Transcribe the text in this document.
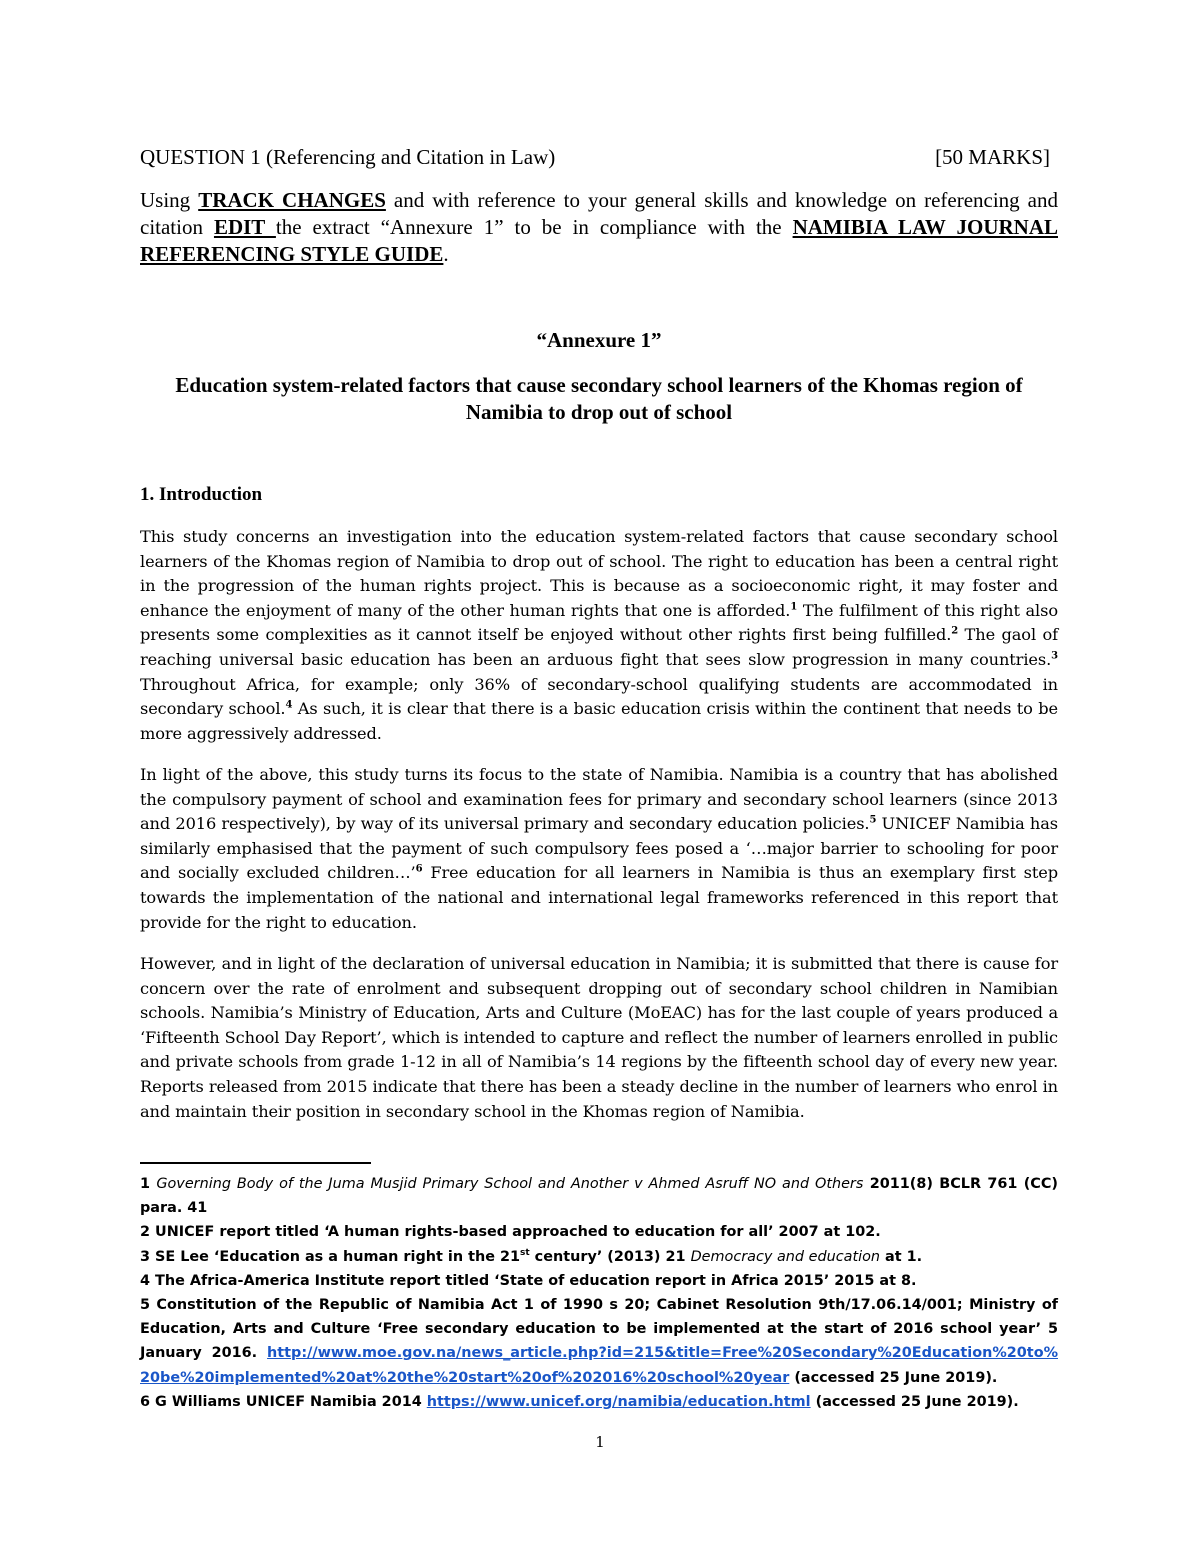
QUESTION 1 (Referencing and Citation in Law)	[50 MARKS]
Using TRACK CHANGES and with reference to your general skills and knowledge on referencing and citation EDIT the extract “Annexure 1” to be in compliance with the NAMIBIA LAW JOURNAL REFERENCING STYLE GUIDE.
“Annexure 1”
Education system-related factors that cause secondary school learners of the Khomas region of Namibia to drop out of school
1. Introduction
This study concerns an investigation into the education system-related factors that cause secondary school learners of the Khomas region of Namibia to drop out of school. The right to education has been a central right in the progression of the human rights project. This is because as a socioeconomic right, it may foster and enhance the enjoyment of many of the other human rights that one is afforded.$^1$ The fulfilment of this right also presents some complexities as it cannot itself be enjoyed without other rights first being fulfilled.$^2$ The gaol of reaching universal basic education has been an arduous fight that sees slow progression in many countries.$^3$ Throughout Africa, for example; only 36% of secondary-school qualifying students are accommodated in secondary school.$^4$ As such, it is clear that there is a basic education crisis within the continent that needs to be more aggressively addressed.
In light of the above, this study turns its focus to the state of Namibia. Namibia is a country that has abolished the compulsory payment of school and examination fees for primary and secondary school learners (since 2013 and 2016 respectively), by way of its universal primary and secondary education policies.$^5$ UNICEF Namibia has similarly emphasised that the payment of such compulsory fees posed a ‘…major barrier to schooling for poor and socially excluded children…’$^6$ Free education for all learners in Namibia is thus an exemplary first step towards the implementation of the national and international legal frameworks referenced in this report that provide for the right to education.
However, and in light of the declaration of universal education in Namibia; it is submitted that there is cause for concern over the rate of enrolment and subsequent dropping out of secondary school children in Namibian schools. Namibia’s Ministry of Education, Arts and Culture (MoEAC) has for the last couple of years produced a ‘Fifteenth School Day Report’, which is intended to capture and reflect the number of learners enrolled in public and private schools from grade 1-12 in all of Namibia’s 14 regions by the fifteenth school day of every new year. Reports released from 2015 indicate that there has been a steady decline in the number of learners who enrol in and maintain their position in secondary school in the Khomas region of Namibia.

1 Governing Body of the Juma Musjid Primary School and Another v Ahmed Asruff NO and Others 2011(8) BCLR 761 (CC) para. 41

2 UNICEF report titled ‘A human rights-based approached to education for all’ 2007 at 102.

3 SE Lee ‘Education as a human right in the 21st century’ (2013) 21 Democracy and education at 1.

4 The Africa-America Institute report titled ‘State of education report in Africa 2015’ 2015 at 8.

5 Constitution of the Republic of Namibia Act 1 of 1990 s 20; Cabinet Resolution 9th/17.06.14/001; Ministry of Education, Arts and Culture ‘Free secondary education to be implemented at the start of 2016 school year’ 5 January 2016. http://www.moe.gov.na/news_article.php?id=215&title=Free%20Secondary%20Education%20to%20be%20implemented%20at%20the%20start%20of%202016%20school%20year (accessed 25 June 2019).

6 G Williams UNICEF Namibia 2014 https://www.unicef.org/namibia/education.html (accessed 25 June 2019).

1
